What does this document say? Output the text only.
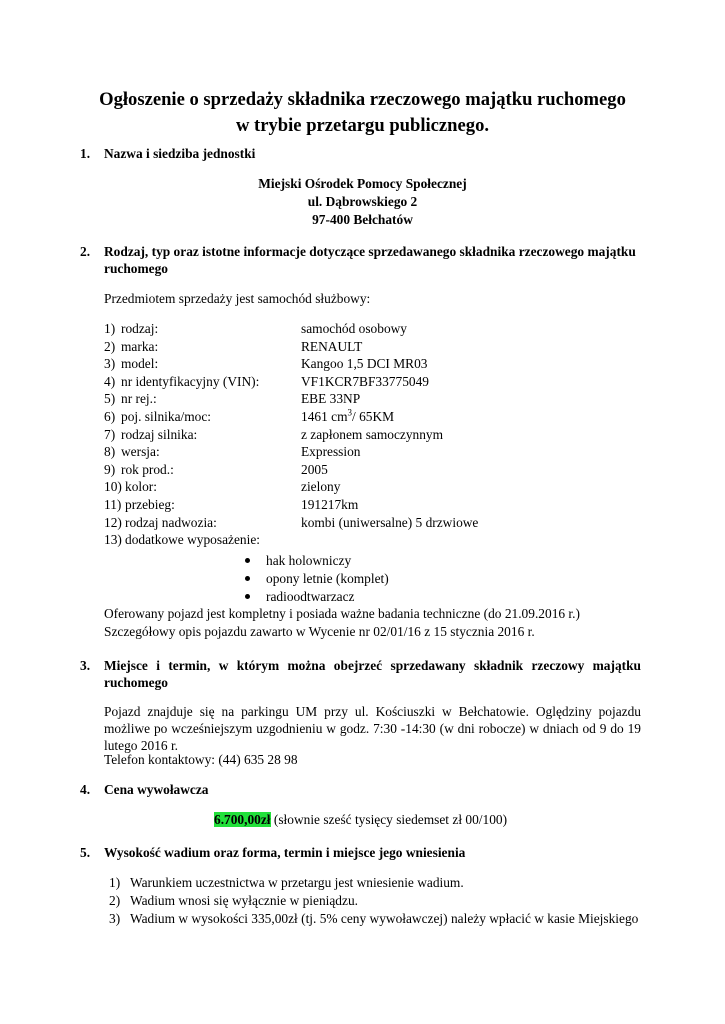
Ogłoszenie o sprzedaży składnika rzeczowego majątku ruchomego
w trybie przetargu publicznego.
1. Nazwa i siedziba jednostki
Miejski Ośrodek Pomocy Społecznej
ul. Dąbrowskiego 2
97-400 Bełchatów
2. Rodzaj, typ oraz istotne informacje dotyczące sprzedawanego składnika rzeczowego majątku
ruchomego
Przedmiotem sprzedaży jest samochód służbowy:
1) rodzaj:	samochód osobowy
2) marka:	RENAULT
3) model:	Kangoo 1,5 DCI MR03
4) nr identyfikacyjny (VIN):	VF1KCR7BF33775049
5) nr rej.:	EBE 33NP
6) poj. silnika/moc:	1461 $cm^3/$ 65KM
7) rodzaj silnika:	z zapłonem samoczynnym
8) wersja:	Expression
9) rok prod.:	2005
10) kolor:	zielony
11) przebieg:	191217km
12) rodzaj nadwozia:	kombi (uniwersalne) 5 drzwiowe
13) dodatkowe wyposażenie:
hak holowniczy
opony letnie (komplet)
radioodtwarzacz
Oferowany pojazd jest kompletny i posiada ważne badania techniczne (do 21.09.2016 r.)
Szczegółowy opis pojazdu zawarto w Wycenie nr 02/01/16 z 15 stycznia 2016 r.
3. Miejsce i termin, w którym można obejrzeć sprzedawany składnik rzeczowy majątku
ruchomego
Pojazd znajduje się na parkingu UM przy ul. Kościuszki w Bełchatowie. Oględziny pojazdu możliwe po wcześniejszym uzgodnieniu w godz. 7:30 -14:30 (w dni robocze) w dniach od 9 do 19 lutego 2016 r.
Telefon kontaktowy: (44) 635 28 98
4. Cena wywoławcza
6.700,00zł (słownie sześć tysięcy siedemset zł 00/100)
5. Wysokość wadium oraz forma, termin i miejsce jego wniesienia
1) Warunkiem uczestnictwa w przetargu jest wniesienie wadium.
2) Wadium wnosi się wyłącznie w pieniądzu.
3) Wadium w wysokości 335,00zł (tj. 5% ceny wywoławczej) należy wpłacić w kasie Miejskiego
